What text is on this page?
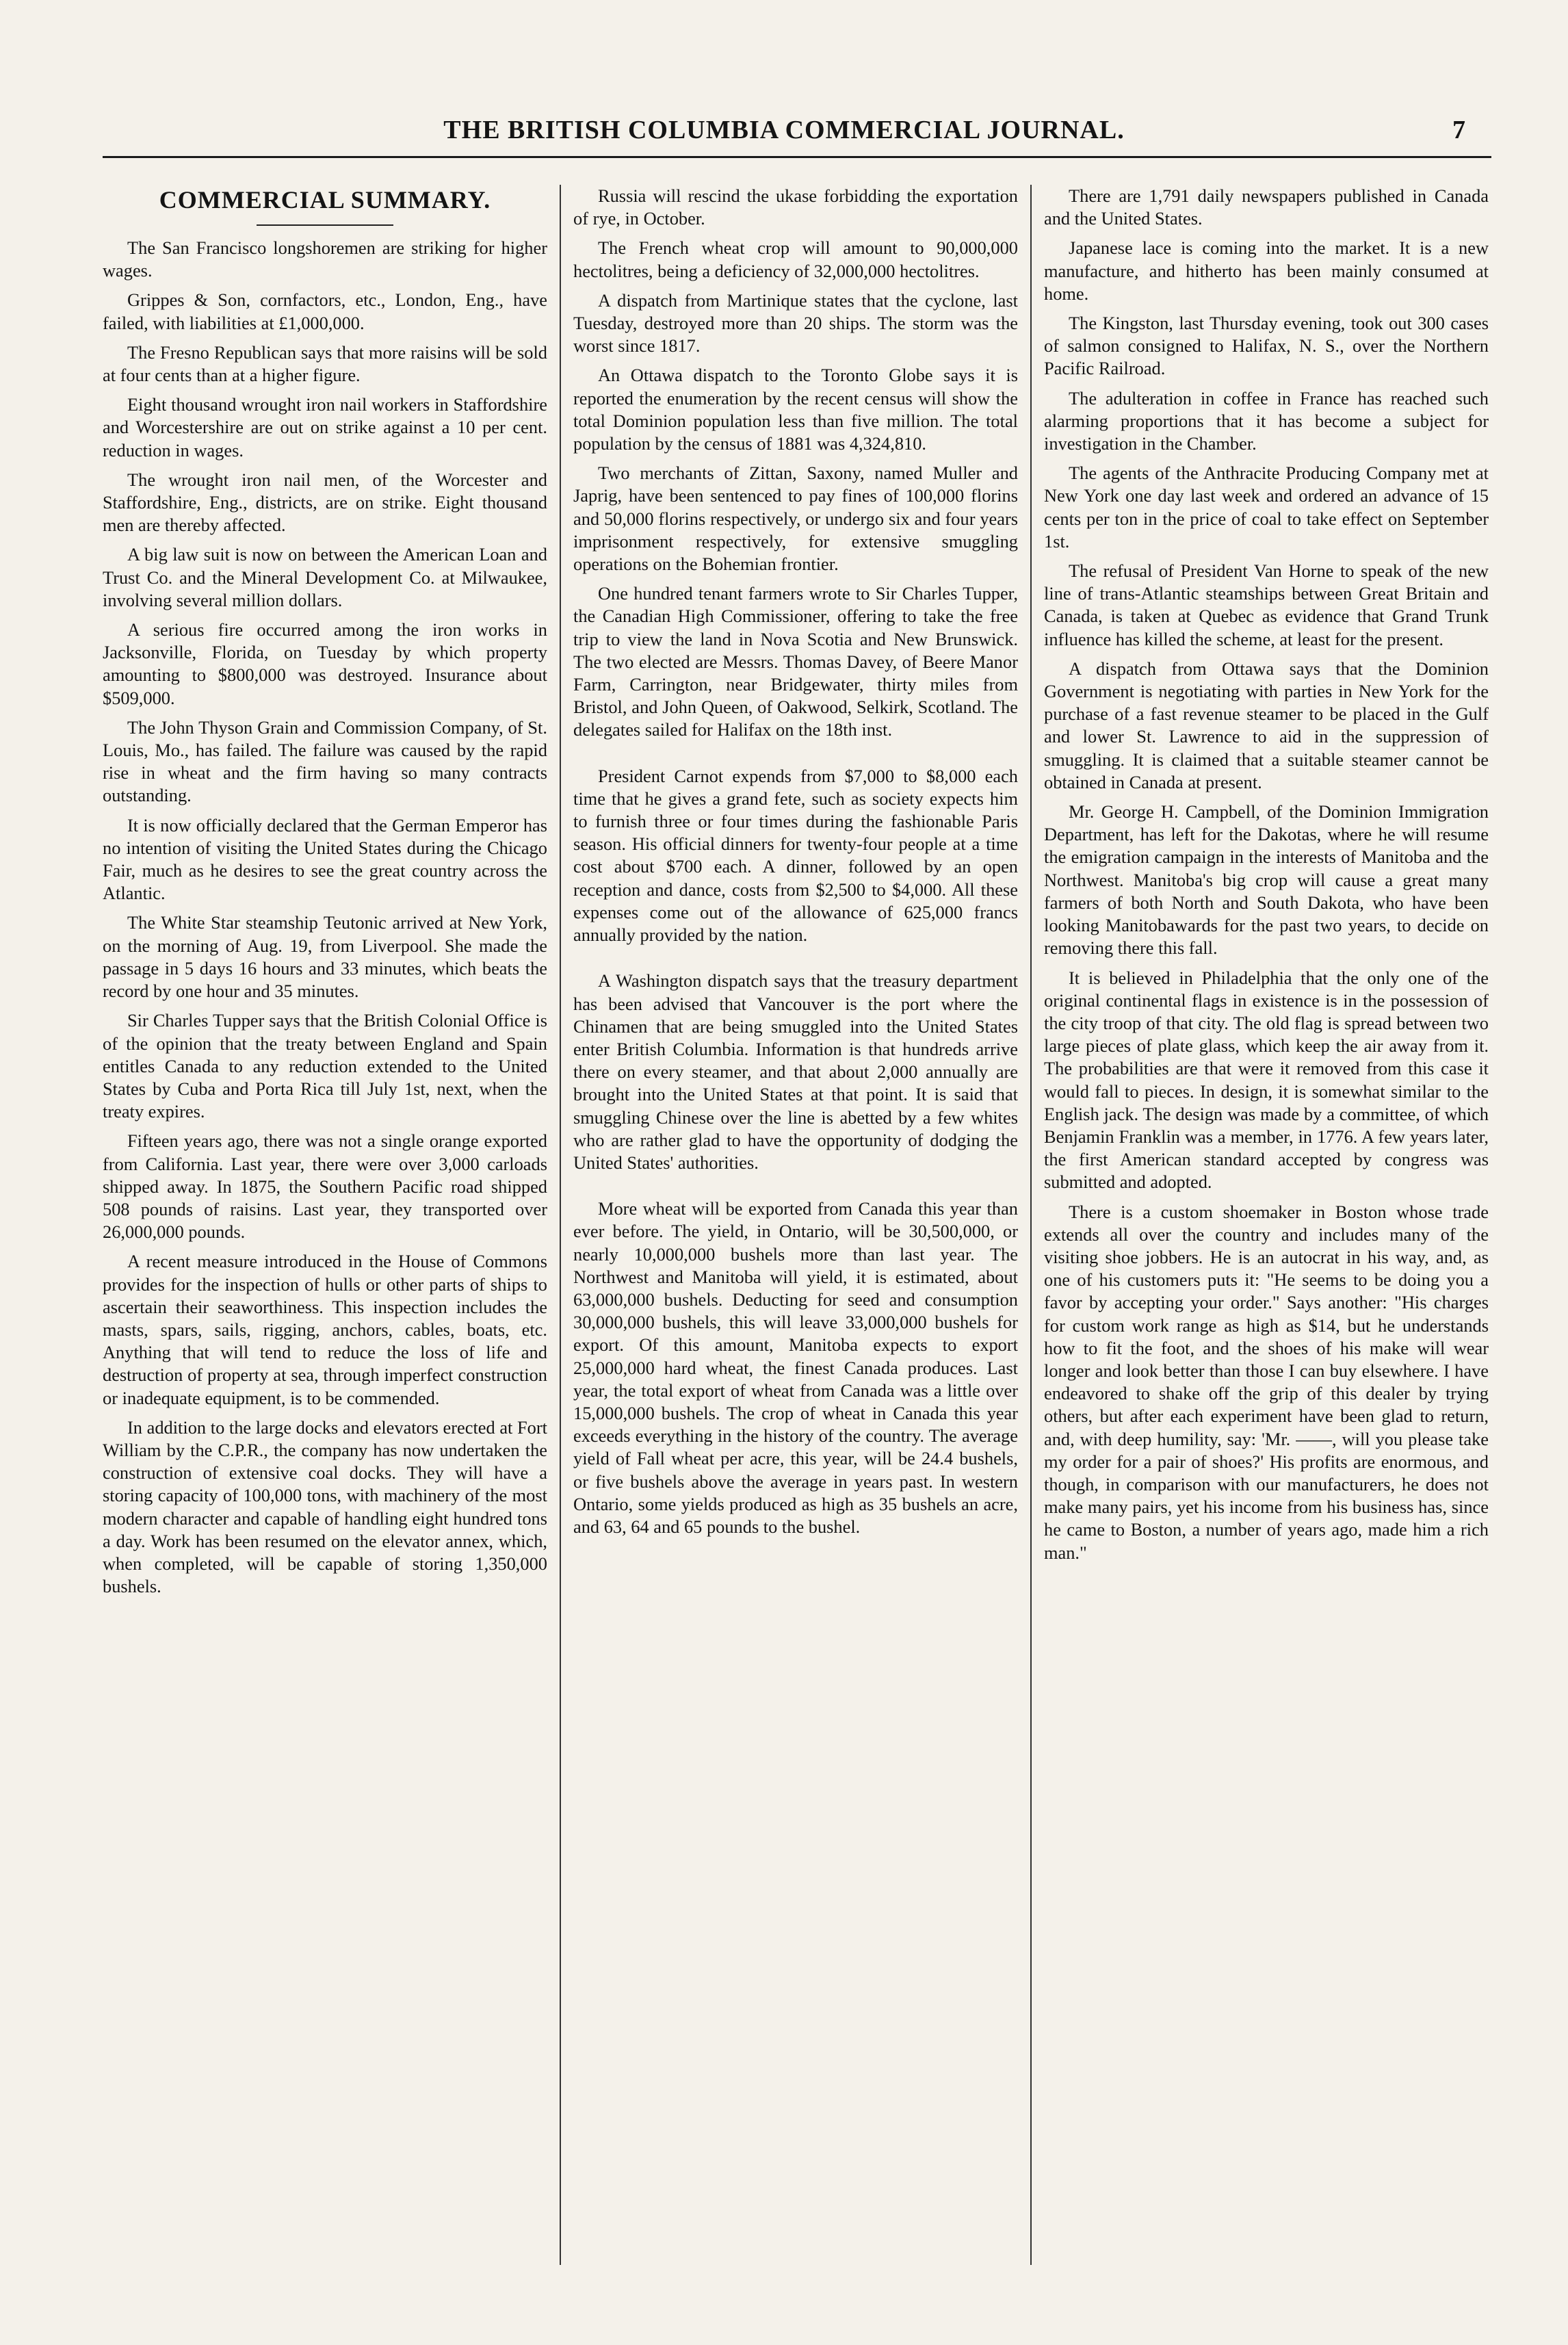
THE BRITISH COLUMBIA COMMERCIAL JOURNAL.	7
COMMERCIAL SUMMARY.

The San Francisco longshoremen are striking for higher wages.

Grippes & Son, cornfactors, etc., London, Eng., have failed, with liabilities at £1,000,000.

The Fresno Republican says that more raisins will be sold at four cents than at a higher figure.

Eight thousand wrought iron nail workers in Staffordshire and Worcestershire are out on strike against a 10 per cent. reduction in wages.

The wrought iron nail men, of the Worcester and Staffordshire, Eng., districts, are on strike. Eight thousand men are thereby affected.

A big law suit is now on between the American Loan and Trust Co. and the Mineral Development Co. at Milwaukee, involving several million dollars.

A serious fire occurred among the iron works in Jacksonville, Florida, on Tuesday by which property amounting to $800,000 was destroyed. Insurance about $509,000.

The John Thyson Grain and Commission Company, of St. Louis, Mo., has failed. The failure was caused by the rapid rise in wheat and the firm having so many contracts outstanding.

It is now officially declared that the German Emperor has no intention of visiting the United States during the Chicago Fair, much as he desires to see the great country across the Atlantic.

The White Star steamship Teutonic arrived at New York, on the morning of Aug. 19, from Liverpool. She made the passage in 5 days 16 hours and 33 minutes, which beats the record by one hour and 35 minutes.

Sir Charles Tupper says that the British Colonial Office is of the opinion that the treaty between England and Spain entitles Canada to any reduction extended to the United States by Cuba and Porta Rica till July 1st, next, when the treaty expires.

Fifteen years ago, there was not a single orange exported from California. Last year, there were over 3,000 carloads shipped away. In 1875, the Southern Pacific road shipped 508 pounds of raisins. Last year, they transported over 26,000,000 pounds.

A recent measure introduced in the House of Commons provides for the inspection of hulls or other parts of ships to ascertain their seaworthiness. This inspection includes the masts, spars, sails, rigging, anchors, cables, boats, etc. Anything that will tend to reduce the loss of life and destruction of property at sea, through imperfect construction or inadequate equipment, is to be commended.

In addition to the large docks and elevators erected at Fort William by the C.P.R., the company has now undertaken the construction of extensive coal docks. They will have a storing capacity of 100,000 tons, with machinery of the most modern character and capable of handling eight hundred tons a day. Work has been resumed on the elevator annex, which, when completed, will be capable of storing 1,350,000 bushels.

Russia will rescind the ukase forbidding the exportation of rye, in October.

The French wheat crop will amount to 90,000,000 hectolitres, being a deficiency of 32,000,000 hectolitres.

A dispatch from Martinique states that the cyclone, last Tuesday, destroyed more than 20 ships. The storm was the worst since 1817.

An Ottawa dispatch to the Toronto Globe says it is reported the enumeration by the recent census will show the total Dominion population less than five million. The total population by the census of 1881 was 4,324,810.

Two merchants of Zittan, Saxony, named Muller and Japrig, have been sentenced to pay fines of 100,000 florins and 50,000 florins respectively, or undergo six and four years imprisonment respectively, for extensive smuggling operations on the Bohemian frontier.

One hundred tenant farmers wrote to Sir Charles Tupper, the Canadian High Commissioner, offering to take the free trip to view the land in Nova Scotia and New Brunswick. The two elected are Messrs. Thomas Davey, of Beere Manor Farm, Carrington, near Bridgewater, thirty miles from Bristol, and John Queen, of Oakwood, Selkirk, Scotland. The delegates sailed for Halifax on the 18th inst.

President Carnot expends from $7,000 to $8,000 each time that he gives a grand fete, such as society expects him to furnish three or four times during the fashionable Paris season. His official dinners for twenty-four people at a time cost about $700 each. A dinner, followed by an open reception and dance, costs from $2,500 to $4,000. All these expenses come out of the allowance of 625,000 francs annually provided by the nation.

A Washington dispatch says that the treasury department has been advised that Vancouver is the port where the Chinamen that are being smuggled into the United States enter British Columbia. Information is that hundreds arrive there on every steamer, and that about 2,000 annually are brought into the United States at that point. It is said that smuggling Chinese over the line is abetted by a few whites who are rather glad to have the opportunity of dodging the United States' authorities.

More wheat will be exported from Canada this year than ever before. The yield, in Ontario, will be 30,500,000, or nearly 10,000,000 bushels more than last year. The Northwest and Manitoba will yield, it is estimated, about 63,000,000 bushels. Deducting for seed and consumption 30,000,000 bushels, this will leave 33,000,000 bushels for export. Of this amount, Manitoba expects to export 25,000,000 hard wheat, the finest Canada produces. Last year, the total export of wheat from Canada was a little over 15,000,000 bushels. The crop of wheat in Canada this year exceeds everything in the history of the country. The average yield of Fall wheat per acre, this year, will be 24.4 bushels, or five bushels above the average in years past. In western Ontario, some yields produced as high as 35 bushels an acre, and 63, 64 and 65 pounds to the bushel.

There are 1,791 daily newspapers published in Canada and the United States.

Japanese lace is coming into the market. It is a new manufacture, and hitherto has been mainly consumed at home.

The Kingston, last Thursday evening, took out 300 cases of salmon consigned to Halifax, N. S., over the Northern Pacific Railroad.

The adulteration in coffee in France has reached such alarming proportions that it has become a subject for investigation in the Chamber.

The agents of the Anthracite Producing Company met at New York one day last week and ordered an advance of 15 cents per ton in the price of coal to take effect on September 1st.

The refusal of President Van Horne to speak of the new line of trans-Atlantic steamships between Great Britain and Canada, is taken at Quebec as evidence that Grand Trunk influence has killed the scheme, at least for the present.

A dispatch from Ottawa says that the Dominion Government is negotiating with parties in New York for the purchase of a fast revenue steamer to be placed in the Gulf and lower St. Lawrence to aid in the suppression of smuggling. It is claimed that a suitable steamer cannot be obtained in Canada at present.

Mr. George H. Campbell, of the Dominion Immigration Department, has left for the Dakotas, where he will resume the emigration campaign in the interests of Manitoba and the Northwest. Manitoba's big crop will cause a great many farmers of both North and South Dakota, who have been looking Manitobawards for the past two years, to decide on removing there this fall.

It is believed in Philadelphia that the only one of the original continental flags in existence is in the possession of the city troop of that city. The old flag is spread between two large pieces of plate glass, which keep the air away from it. The probabilities are that were it removed from this case it would fall to pieces. In design, it is somewhat similar to the English jack. The design was made by a committee, of which Benjamin Franklin was a member, in 1776. A few years later, the first American standard accepted by congress was submitted and adopted.

There is a custom shoemaker in Boston whose trade extends all over the country and includes many of the visiting shoe jobbers. He is an autocrat in his way, and, as one of his customers puts it: "He seems to be doing you a favor by accepting your order." Says another: "His charges for custom work range as high as $14, but he understands how to fit the foot, and the shoes of his make will wear longer and look better than those I can buy elsewhere. I have endeavored to shake off the grip of this dealer by trying others, but after each experiment have been glad to return, and, with deep humility, say: 'Mr. ——, will you please take my order for a pair of shoes?' His profits are enormous, and though, in comparison with our manufacturers, he does not make many pairs, yet his income from his business has, since he came to Boston, a number of years ago, made him a rich man."
